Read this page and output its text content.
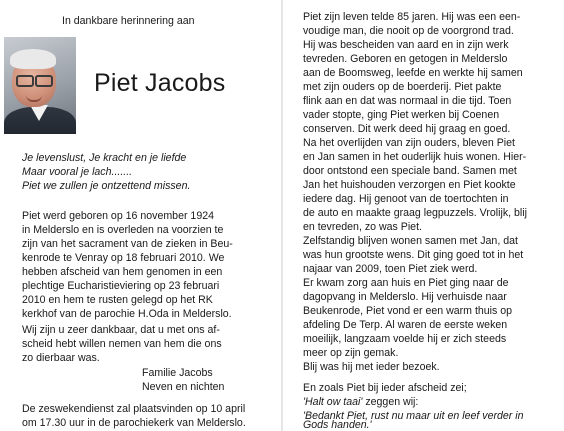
In dankbare herinnering aan
Piet Jacobs
Je levenslust, Je kracht en je liefde
Maar vooral je lach.......
Piet we zullen je ontzettend missen.
Piet werd geboren op 16 november 1924
in Melderslo en is overleden na voorzien te
zijn van het sacrament van de zieken in Beu-
kenrode te Venray op 18 februari 2010. We
hebben afscheid van hem genomen in een
plechtige Eucharistieviering op 23 februari
2010 en hem te rusten gelegd op het RK
kerkhof van de parochie H.Oda in Melderslo.
Wij zijn u zeer dankbaar, dat u met ons af-
scheid hebt willen nemen van hem die ons
zo dierbaar was.
Familie Jacobs
Neven en nichten
De zeswekendienst zal plaatsvinden op 10 april
om 17.30 uur in de parochiekerk van Melderslo.
Piet zijn leven telde 85 jaren. Hij was een een-
voudige man, die nooit op de voorgrond trad.
Hij was bescheiden van aard en in zijn werk
tevreden. Geboren en getogen in Melderslo
aan de Boomsweg, leefde en werkte hij samen
met zijn ouders op de boerderij. Piet pakte
flink aan en dat was normaal in die tijd. Toen
vader stopte, ging Piet werken bij Coenen
conserven. Dit werk deed hij graag en goed.
Na het overlijden van zijn ouders, bleven Piet
en Jan samen in het ouderlijk huis wonen. Hier-
door ontstond een speciale band. Samen met
Jan het huishouden verzorgen en Piet kookte
iedere dag. Hij genoot van de toertochten in
de auto en maakte graag legpuzzels. Vrolijk, blij
en tevreden, zo was Piet.
Zelfstandig blijven wonen samen met Jan, dat
was hun grootste wens. Dit ging goed tot in het
najaar van 2009, toen Piet ziek werd.
Er kwam zorg aan huis en Piet ging naar de
dagopvang in Melderslo. Hij verhuisde naar
Beukenrode, Piet vond er een warm thuis op
afdeling De Terp. Al waren de eerste weken
moeilijk, langzaam voelde hij er zich steeds
meer op zijn gemak.
Blij was hij met ieder bezoek.
En zoals Piet bij ieder afscheid zei;
'Halt ow taai' zeggen wij:
'Bedankt Piet, rust nu maar uit en leef verder in
Gods handen.'
